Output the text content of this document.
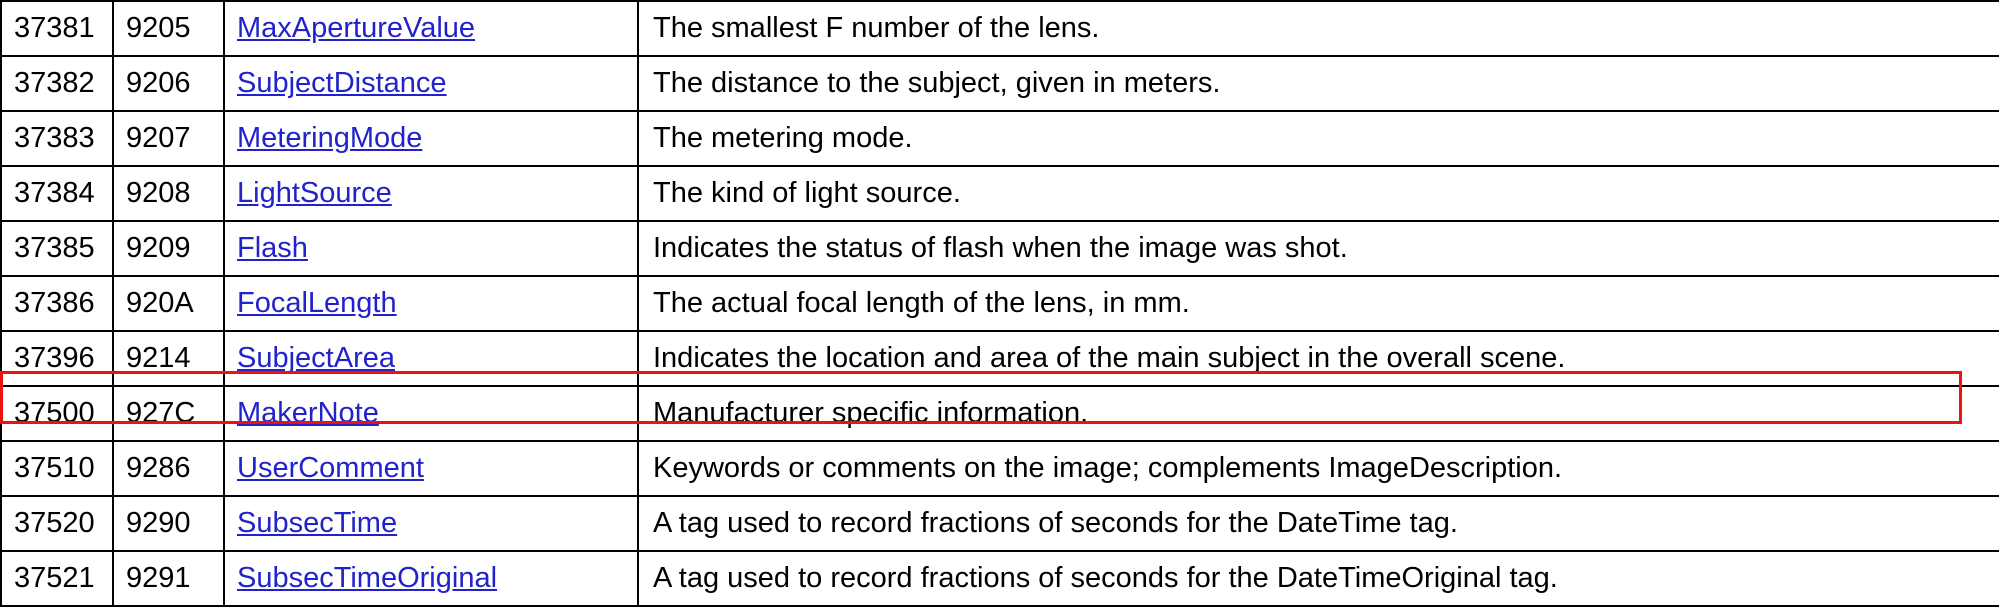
37381	9205	MaxApertureValue	The smallest F number of the lens.
37382	9206	SubjectDistance	The distance to the subject, given in meters.
37383	9207	MeteringMode	The metering mode.
37384	9208	LightSource	The kind of light source.
37385	9209	Flash	Indicates the status of flash when the image was shot.
37386	920A	FocalLength	The actual focal length of the lens, in mm.
37396	9214	SubjectArea	Indicates the location and area of the main subject in the overall scene.
37500	927C	MakerNote	Manufacturer specific information.
37510	9286	UserComment	Keywords or comments on the image; complements ImageDescription.
37520	9290	SubsecTime	A tag used to record fractions of seconds for the DateTime tag.
37521	9291	SubsecTimeOriginal	A tag used to record fractions of seconds for the DateTimeOriginal tag.
